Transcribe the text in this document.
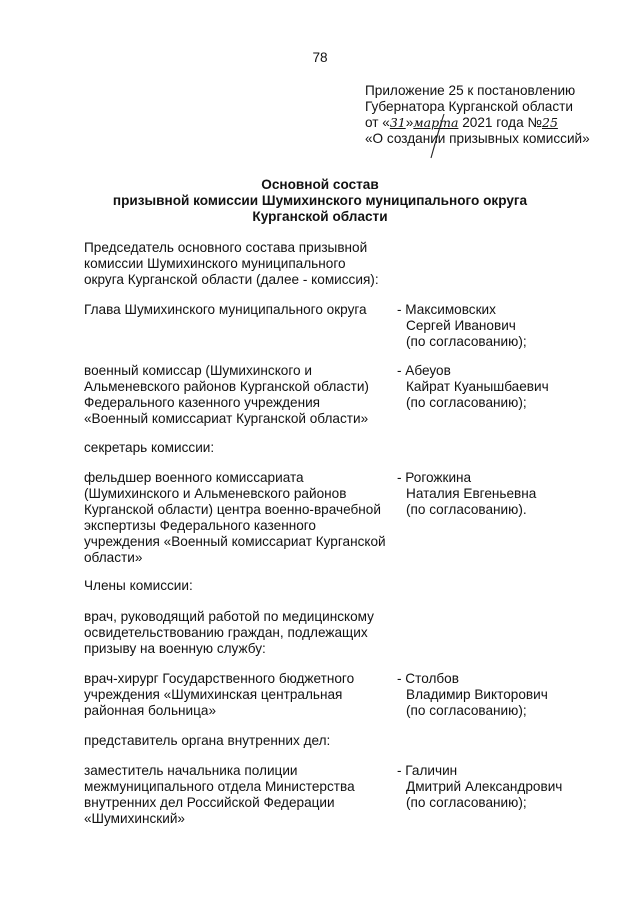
78
Приложение 25 к постановлению
Губернатора Курганской области
от «31»марта 2021 года №25
«О создании призывных комиссий»
Основной состав
призывной комиссии Шумихинского муниципального округа
Курганской области
Председатель основного состава призывной
комиссии Шумихинского муниципального
округа Курганской области (далее - комиссия):
Глава Шумихинского муниципального округа	- Максимовских
Сергей Иванович
(по согласованию);
военный комиссар (Шумихинского и
Альменевского районов Курганской области)
Федерального казенного учреждения
«Военный комиссариат Курганской области»
- Абеуов
Кайрат Куанышбаевич
(по согласованию);
секретарь комиссии:
фельдшер военного комиссариата
(Шумихинского и Альменевского районов
Курганской области) центра военно-врачебной
экспертизы Федерального казенного
учреждения «Военный комиссариат Курганской
области»
- Рогожкина
Наталия Евгеньевна
(по согласованию).
Члены комиссии:
врач, руководящий работой по медицинскому
освидетельствованию граждан, подлежащих
призыву на военную службу:
врач-хирург Государственного бюджетного
учреждения «Шумихинская центральная
районная больница»
- Столбов
Владимир Викторович
(по согласованию);
представитель органа внутренних дел:
заместитель начальника полиции
межмуниципального отдела Министерства
внутренних дел Российской Федерации
«Шумихинский»
- Галичин
Дмитрий Александрович
(по согласованию);
